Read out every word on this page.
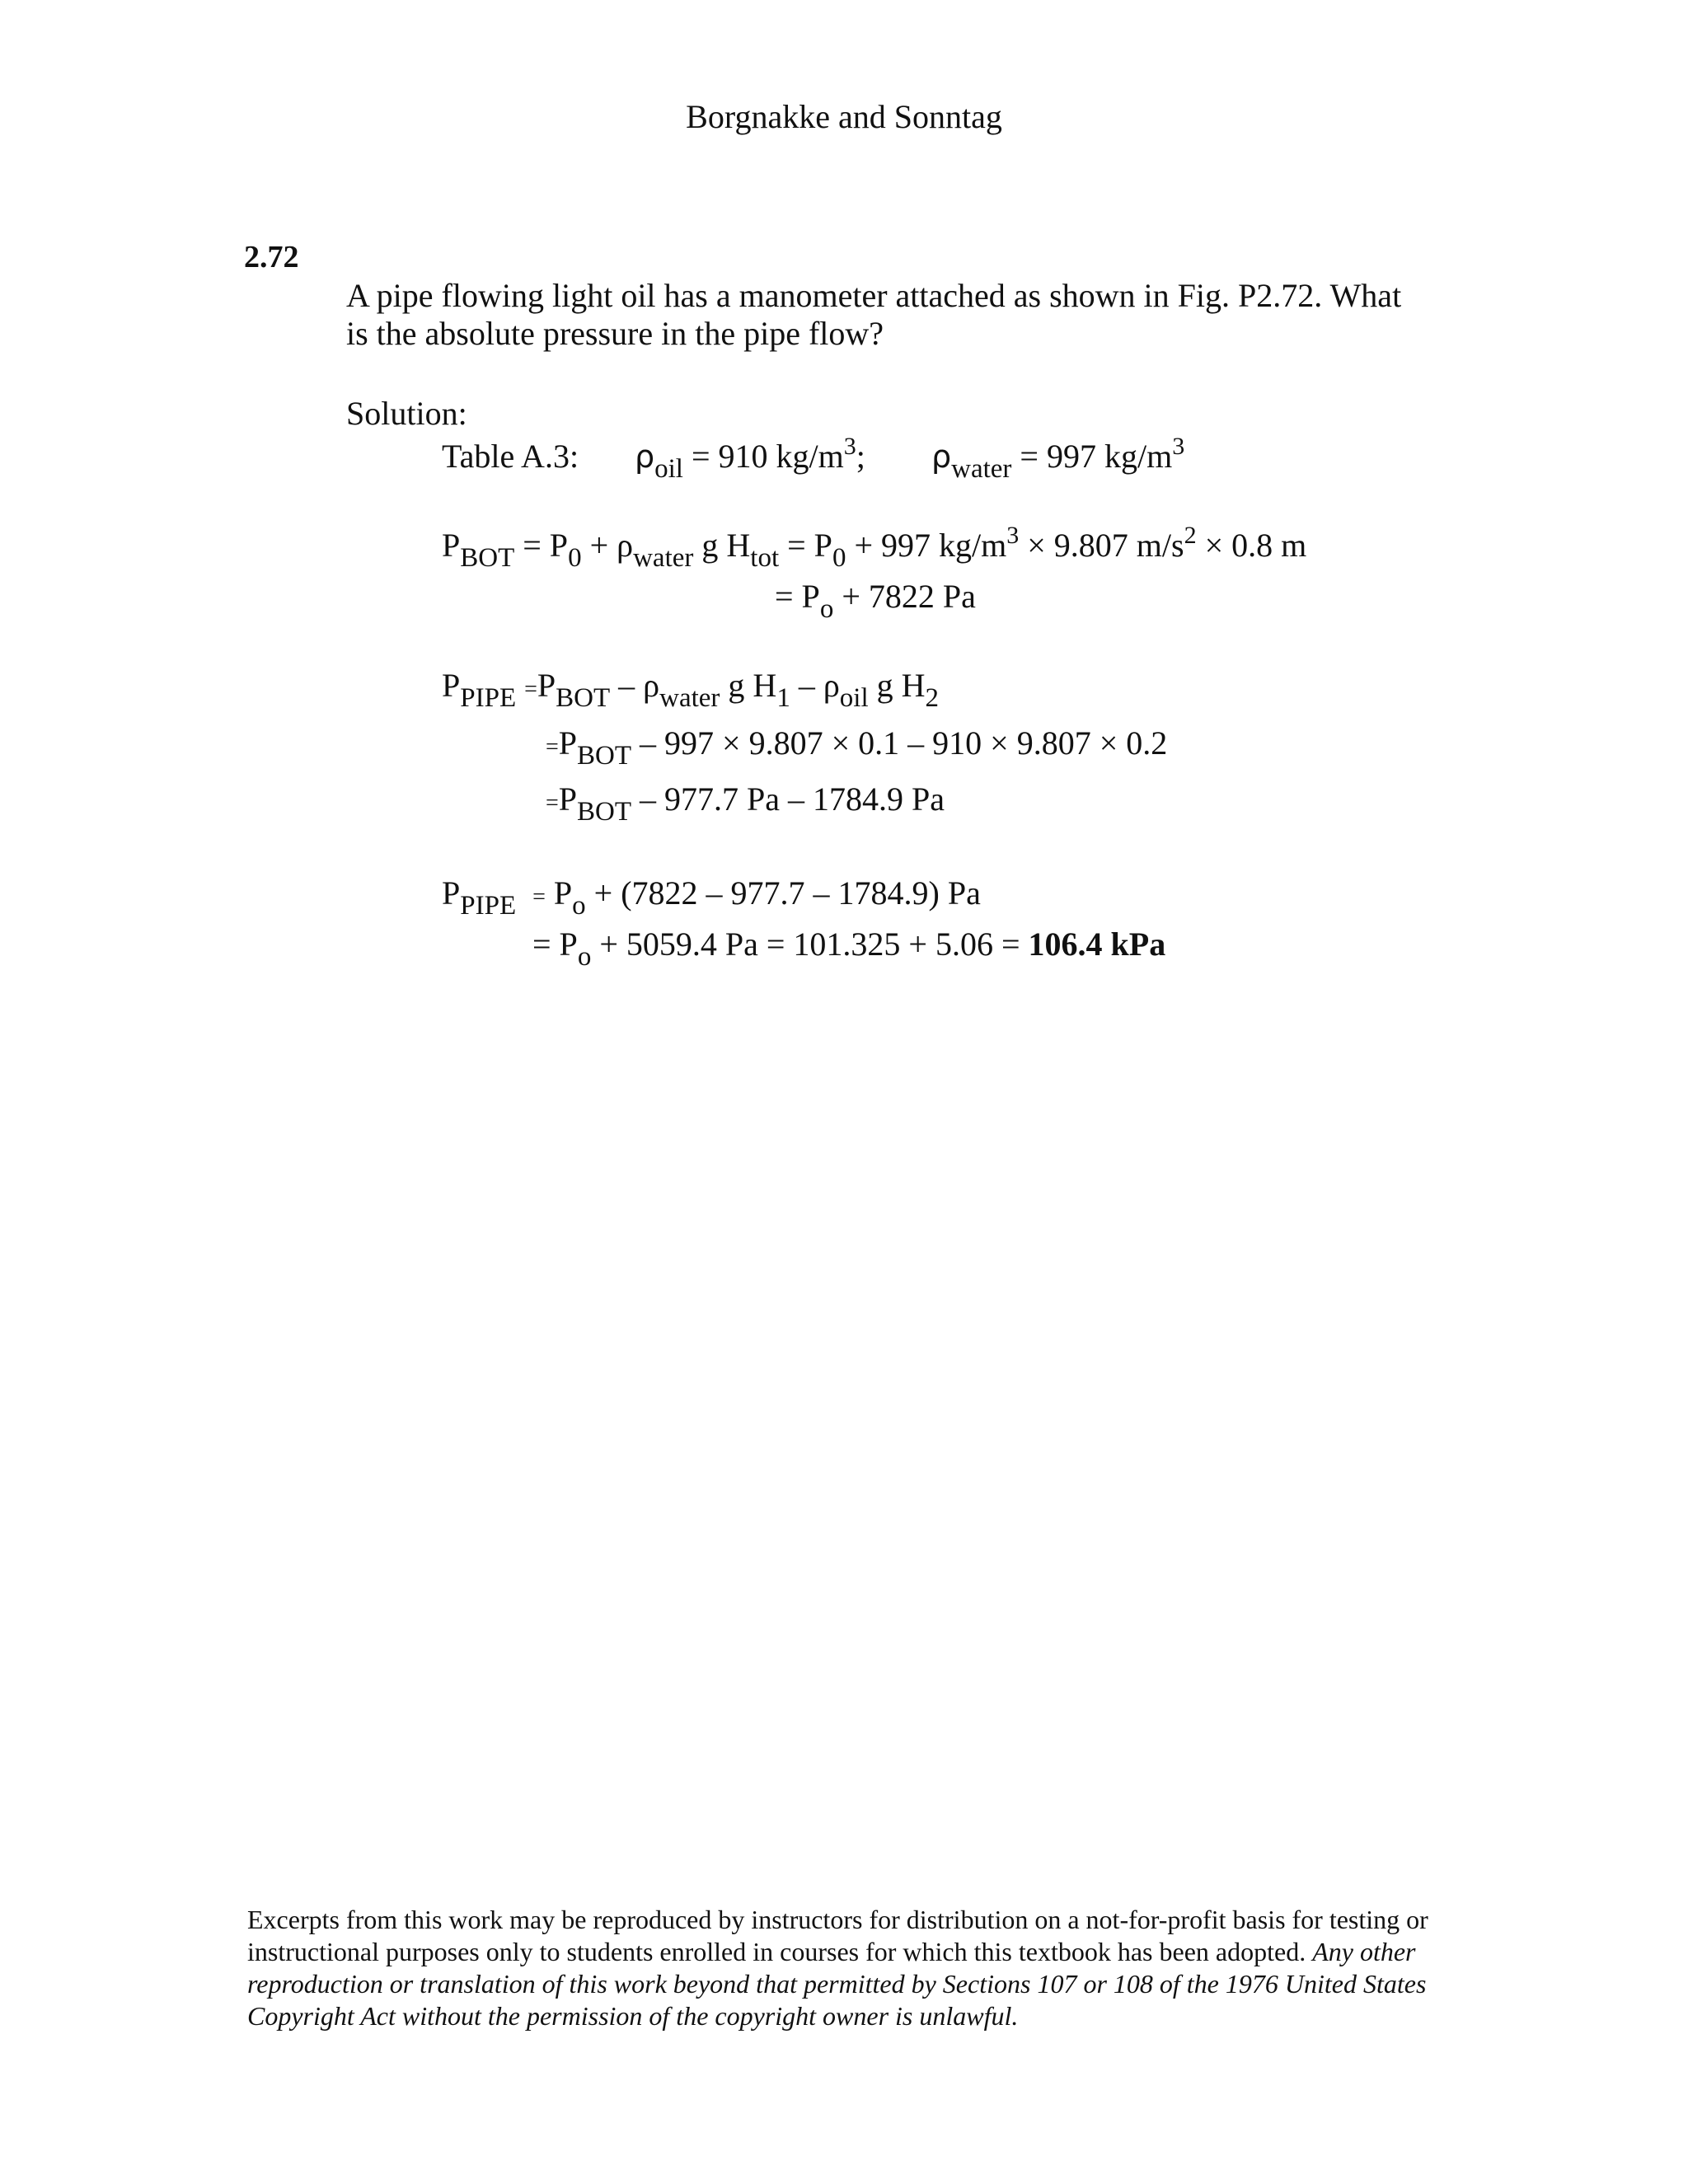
Borgnakke and Sonntag
2.72
A pipe flowing light oil has a manometer attached as shown in Fig. P2.72. What
is the absolute pressure in the pipe flow?
Solution:
Table A.3: $\rho_{oil} = 910$ $kg/m^3$; $\rho_{water} = 997$ $kg/m^3$
$P_{BOT} = P_0 + \rho_{water}$ g $H_{tot} = P_0 + 997$ $kg/m^3 \times 9.807$ $m/s^2 \times 0.8$ m
= $P_o + 7822$ Pa
$P_{PIPE} =P_{BOT} - \rho_{water}$ g $H_1 - \rho_{oil}$ g $H_2$
$=P_{BOT} - 997 \times 9.807 \times 0.1 - 910 \times 9.807 \times 0.2$
$=P_{BOT} - 977.7$ Pa – 1784.9 Pa
$P_{PIPE} = P_o + (7822 - 977.7 - 1784.9)$ Pa
= $P_o + 5059.4$ Pa = 101.325 + 5.06 = 106.4 kPa
Excerpts from this work may be reproduced by instructors for distribution on a not-for-profit basis for testing or instructional purposes only to students enrolled in courses for which this textbook has been adopted. Any other reproduction or translation of this work beyond that permitted by Sections 107 or 108 of the 1976 United States Copyright Act without the permission of the copyright owner is unlawful.
